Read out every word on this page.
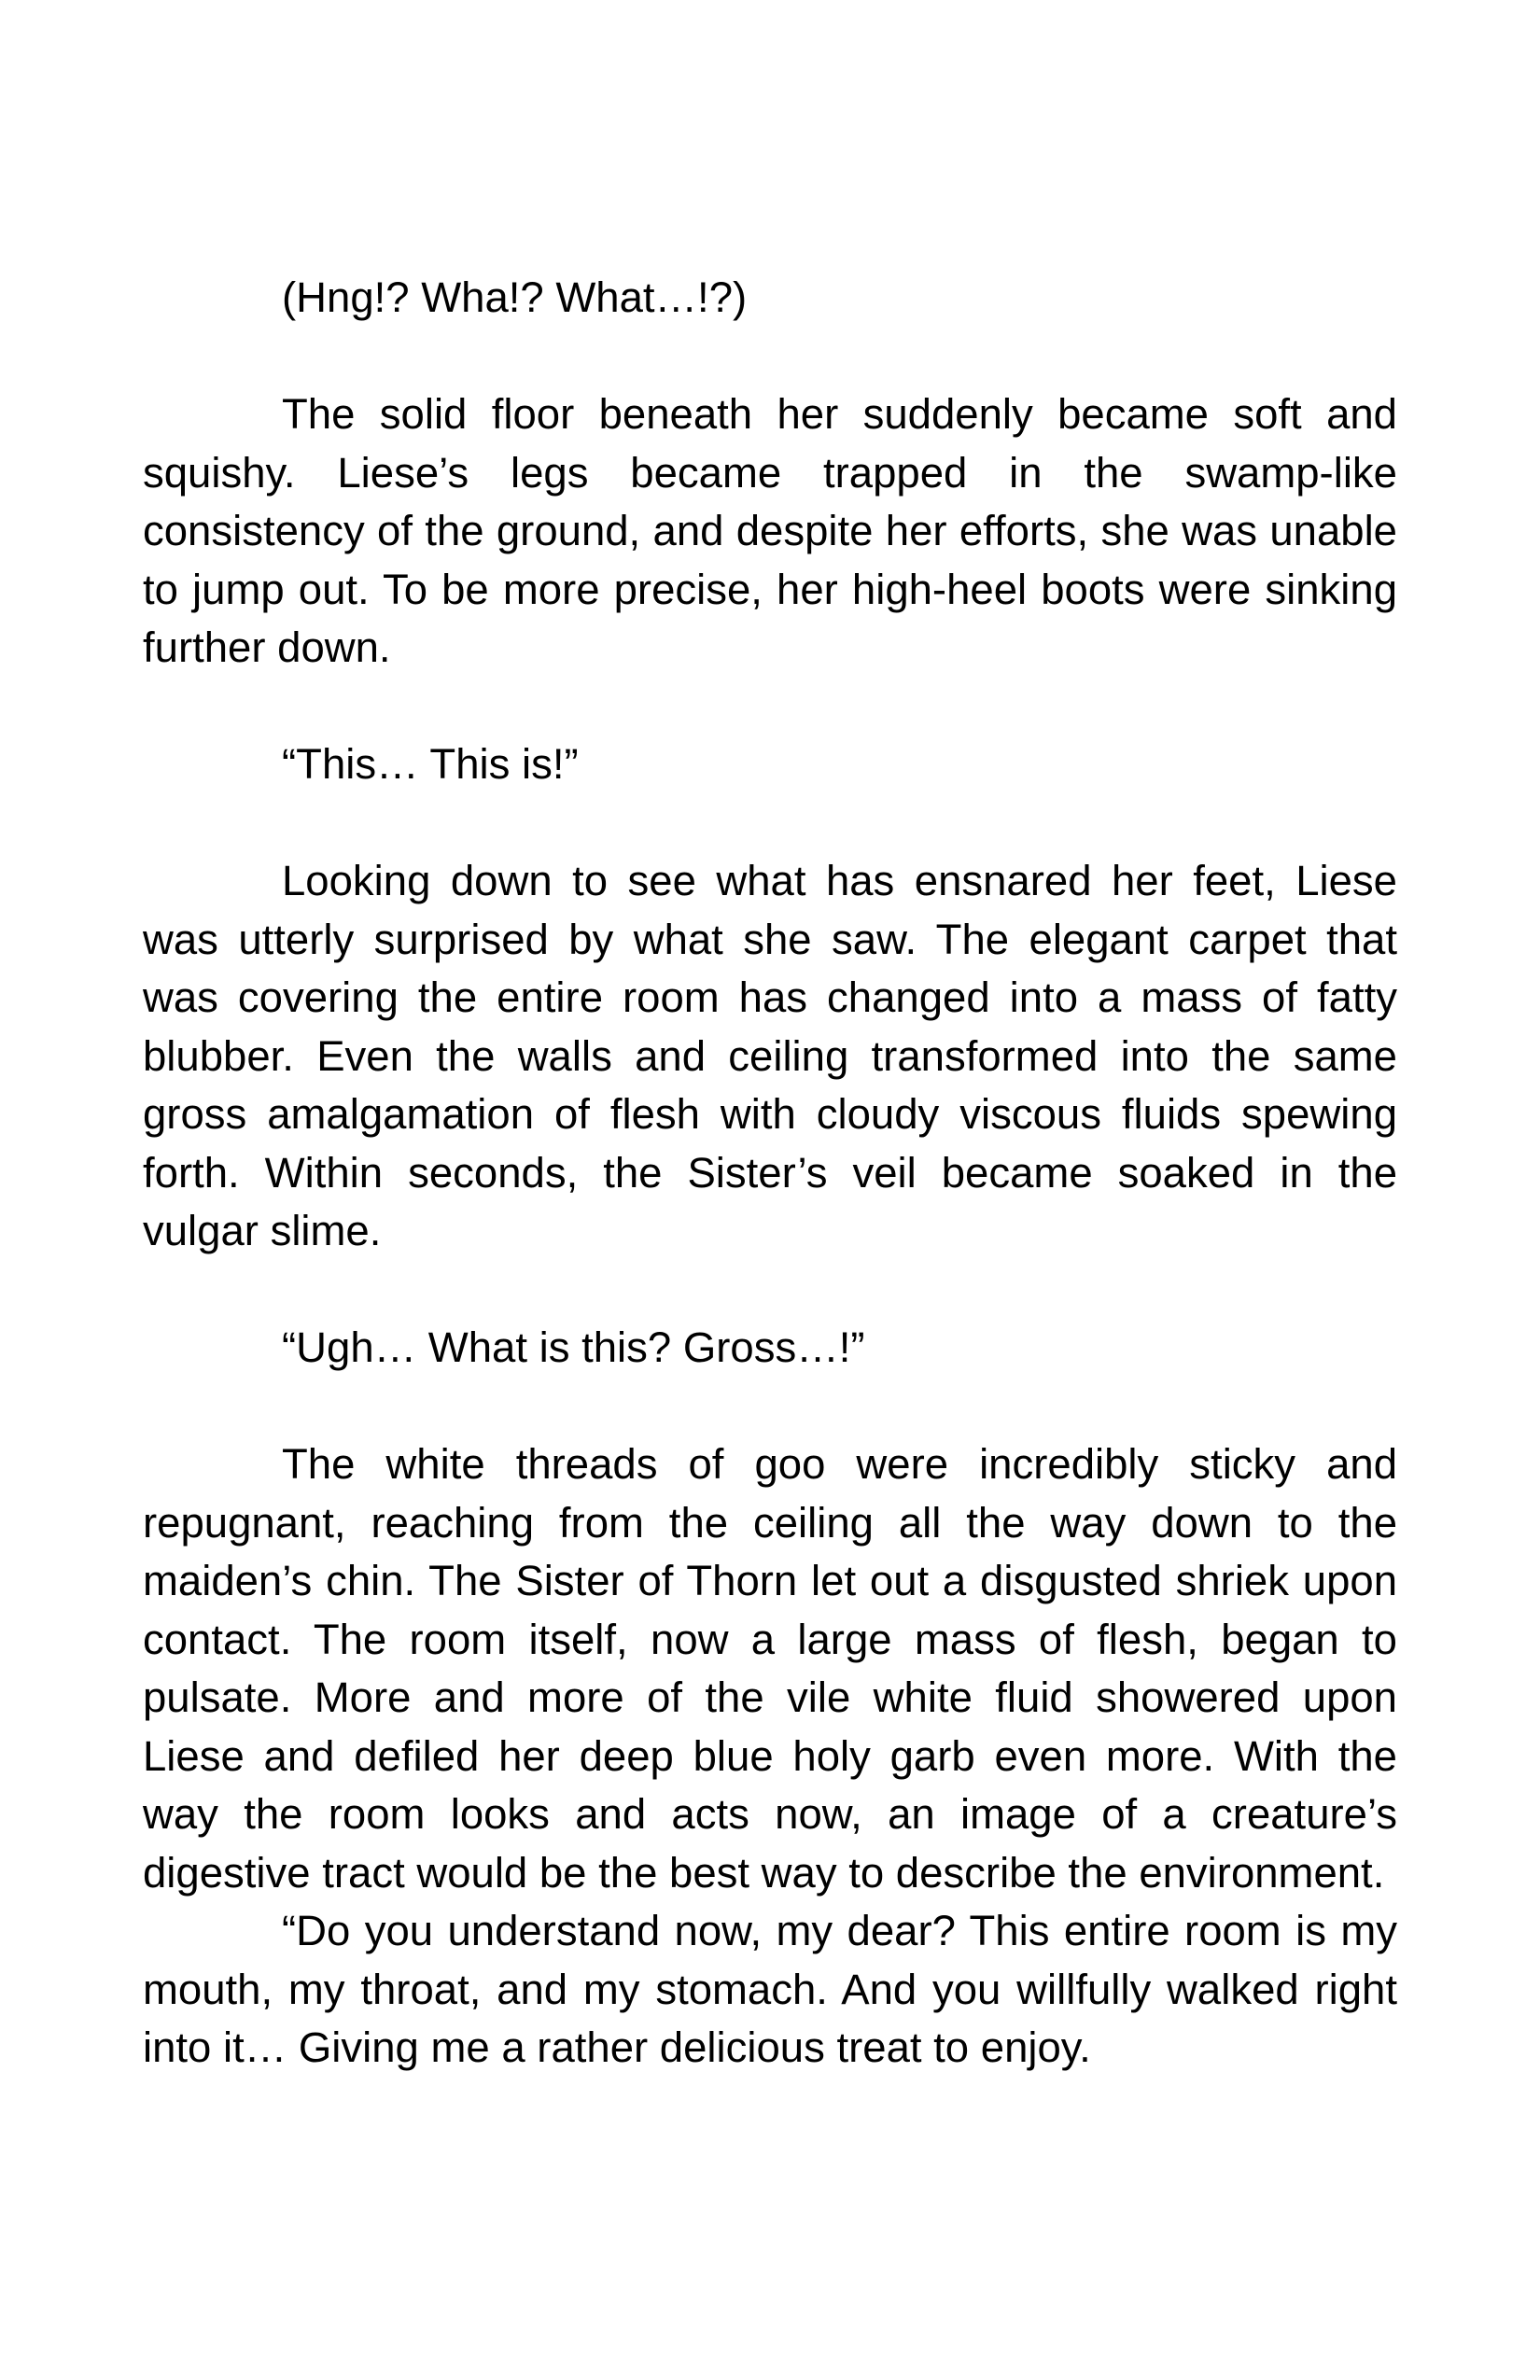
(Hng!? Wha!? What…!?)

The solid floor beneath her suddenly became soft and
squishy. Liese’s legs became trapped in the swamp-like
consistency of the ground, and despite her efforts, she was unable
to jump out. To be more precise, her high-heel boots were sinking
further down.

“This… This is!”

Looking down to see what has ensnared her feet, Liese
was utterly surprised by what she saw. The elegant carpet that
was covering the entire room has changed into a mass of fatty
blubber. Even the walls and ceiling transformed into the same
gross amalgamation of flesh with cloudy viscous fluids spewing
forth. Within seconds, the Sister’s veil became soaked in the
vulgar slime.

“Ugh… What is this? Gross…!”

The white threads of goo were incredibly sticky and
repugnant, reaching from the ceiling all the way down to the
maiden’s chin. The Sister of Thorn let out a disgusted shriek upon
contact. The room itself, now a large mass of flesh, began to
pulsate. More and more of the vile white fluid showered upon
Liese and defiled her deep blue holy garb even more. With the
way the room looks and acts now, an image of a creature’s
digestive tract would be the best way to describe the environment.

“Do you understand now, my dear? This entire room is my
mouth, my throat, and my stomach. And you willfully walked right
into it… Giving me a rather delicious treat to enjoy.
